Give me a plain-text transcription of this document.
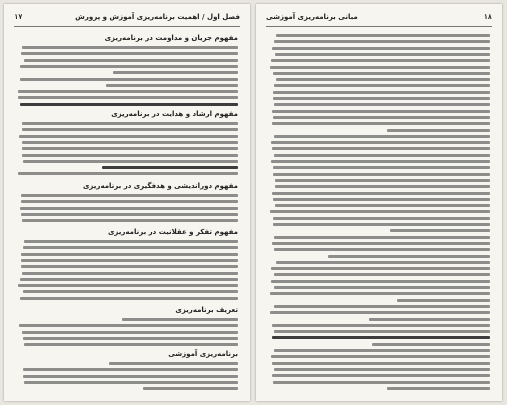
فصل اول / اهمیت برنامه‌ریزی آموزش و پرورش
۱۷
مفهوم جریان و مداومت در برنامه‌ریزی
مفهوم ارشاد و هدایت در برنامه‌ریزی
مفهوم دوراندیشی و هدفگیری در برنامه‌ریزی
مفهوم تفکر و عقلانیت در برنامه‌ریزی
تعریف برنامه‌ریزی
برنامه‌ریزی آموزشی
۱۸
مبانی برنامه‌ریزی آموزشی
